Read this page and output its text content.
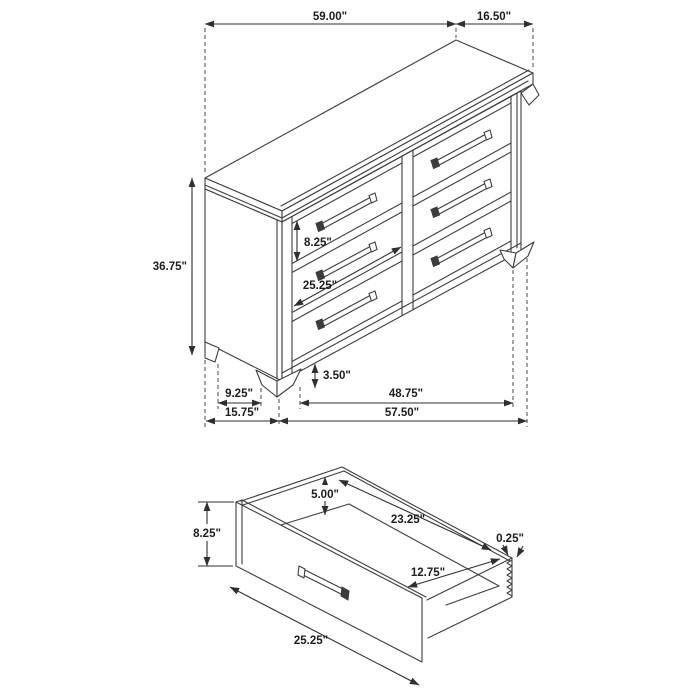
59.00"	16.50"
36.75"
8.25"
25.25"
3.50"
9.25"
15.75"
48.75"
57.50"
8.25"
5.00"
23.25"
0.25"
12.75"
25.25"
